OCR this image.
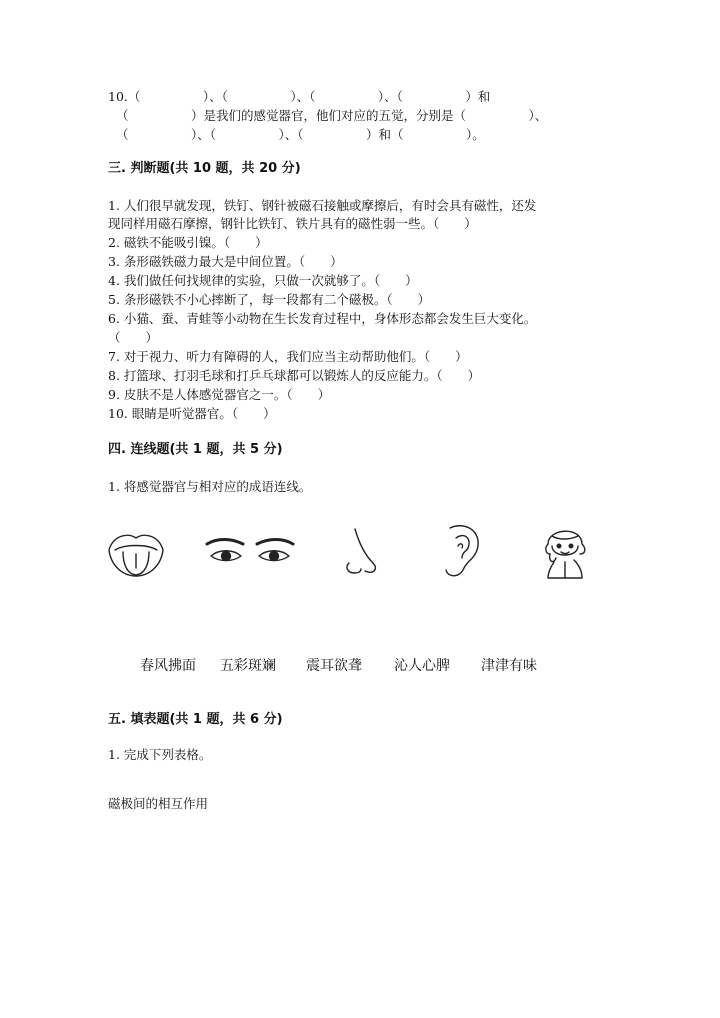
10.（　　　　　）、（　　　　　）、（　　　　　）、（　　　　　）和
（　　　　　）是我们的感觉器官，他们对应的五觉，分别是（　　　　　）、
（　　　　　）、（　　　　　）、（　　　　　）和（　　　　　）。
三. 判断题(共 10 题，共 20 分)
1. 人们很早就发现，铁钉、钢针被磁石接触或摩擦后，有时会具有磁性，还发
现同样用磁石摩擦，钢针比铁钉、铁片具有的磁性弱一些。（　　）
2. 磁铁不能吸引镍。（　　）
3. 条形磁铁磁力最大是中间位置。（　　）
4. 我们做任何找规律的实验，只做一次就够了。（　　）
5. 条形磁铁不小心摔断了，每一段都有二个磁极。（　　）
6. 小猫、蚕、青蛙等小动物在生长发育过程中，身体形态都会发生巨大变化。
（　　）
7. 对于视力、听力有障碍的人，我们应当主动帮助他们。（　　）
8. 打篮球、打羽毛球和打乒乓球都可以锻炼人的反应能力。（　　）
9. 皮肤不是人体感觉器官之一。（　　）
10. 眼睛是听觉器官。（　　）
四. 连线题(共 1 题，共 5 分)
1. 将感觉器官与相对应的成语连线。
春风拂面 五彩斑斓 震耳欲聋 沁人心脾 津津有味
五. 填表题(共 1 题，共 6 分)
1. 完成下列表格。
磁极间的相互作用
